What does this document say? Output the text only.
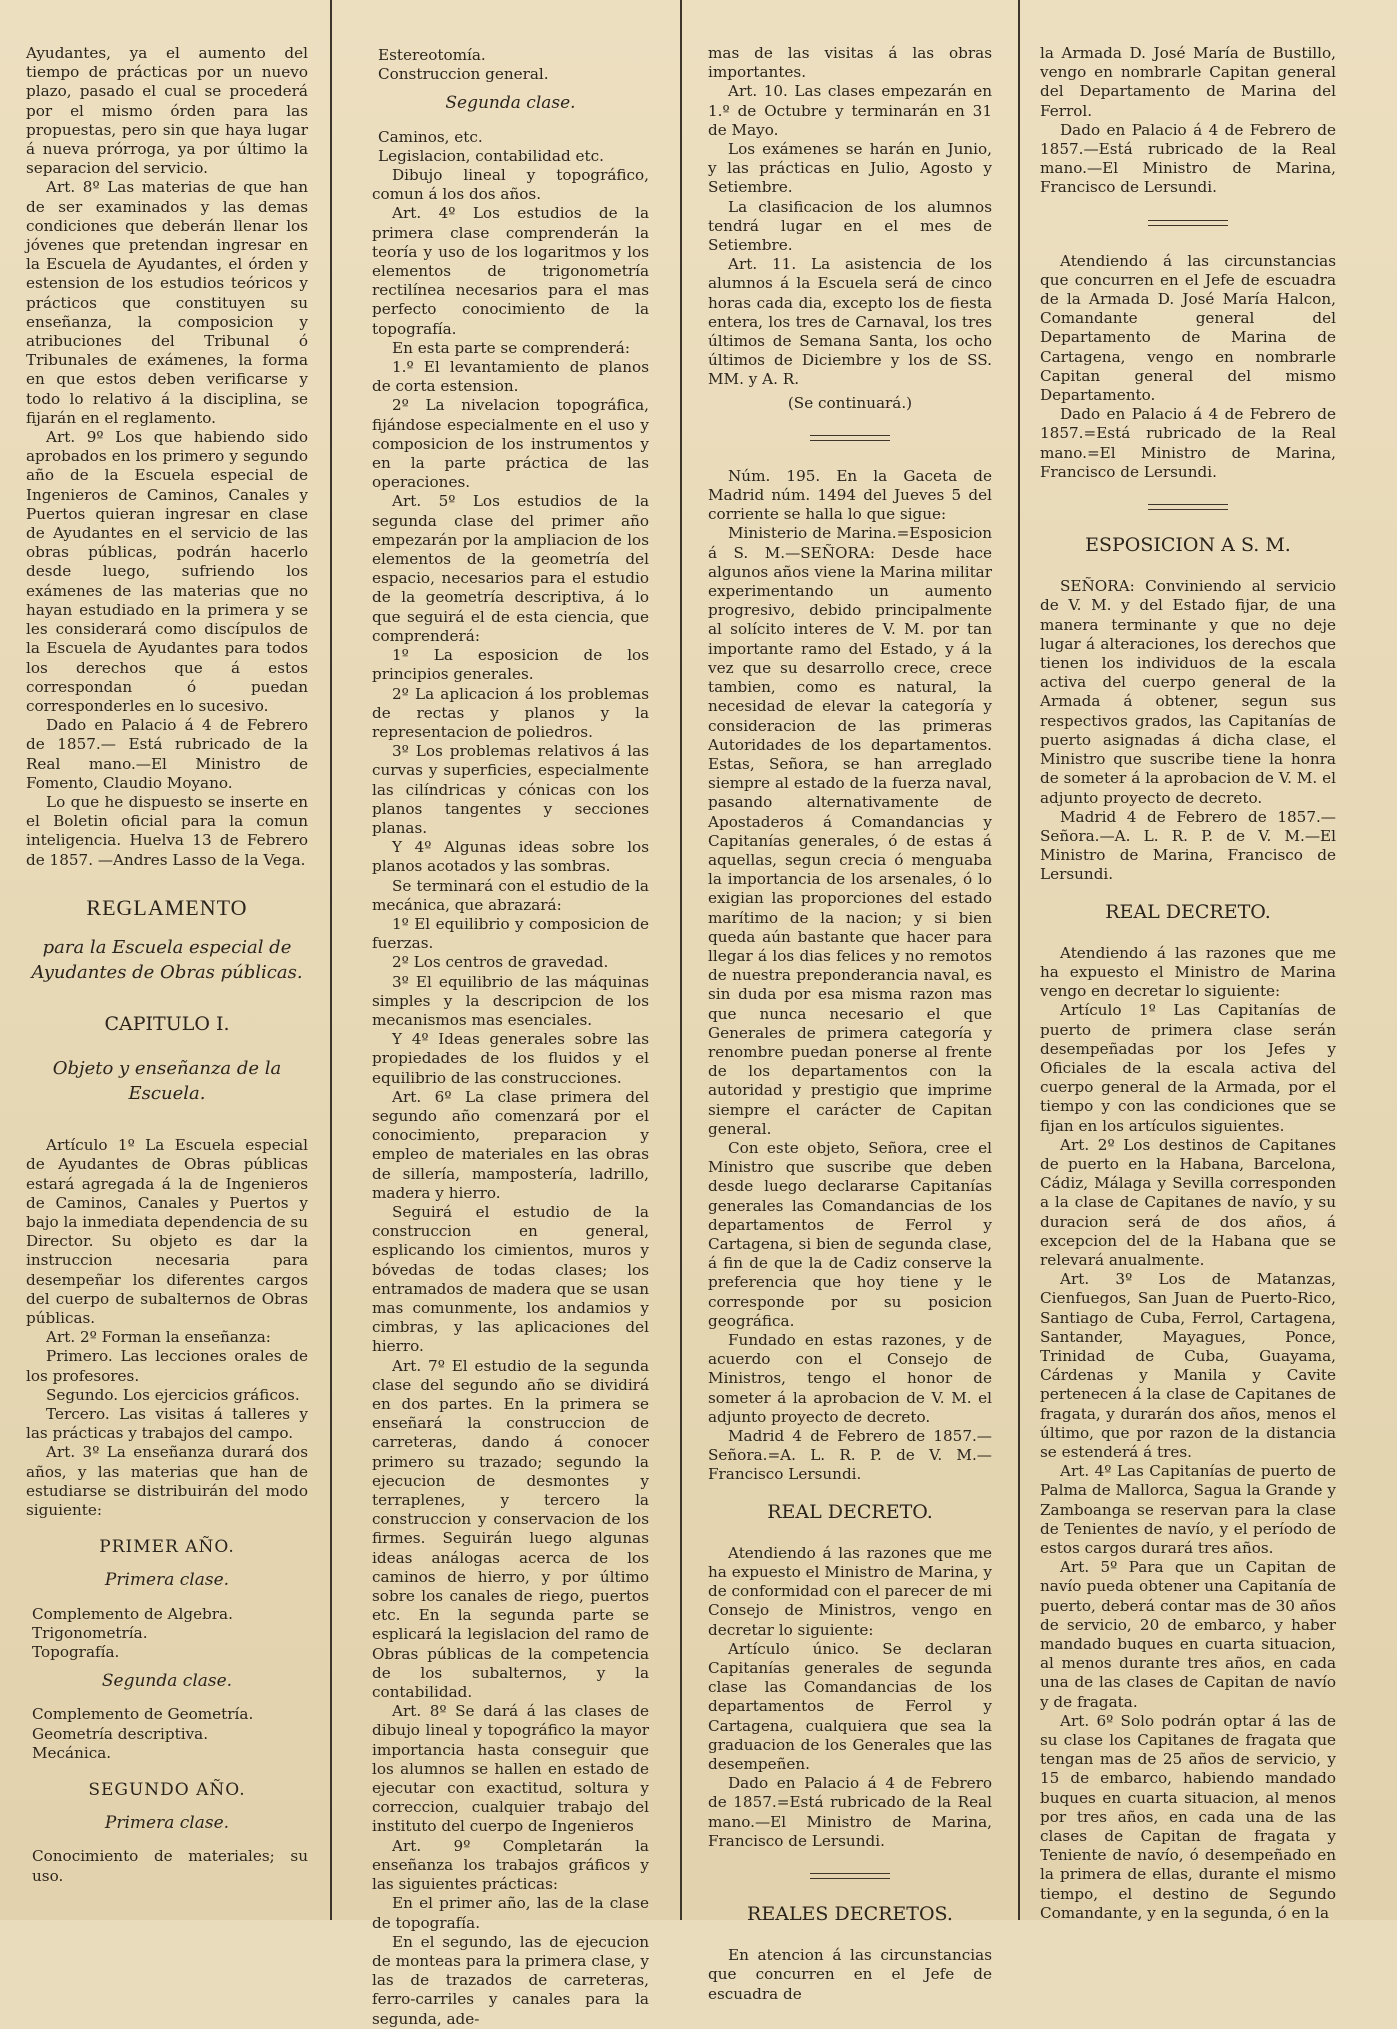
Ayudantes, ya el aumento del tiempo de prácticas por un nuevo plazo, pasado el cual se procederá por el mismo órden para las propuestas, pero sin que haya lugar á nueva prórroga, ya por último la separacion del servicio.

Art. 8º Las materias de que han de ser examinados y las demas condiciones que deberán llenar los jóvenes que pretendan ingresar en la Escuela de Ayudantes, el órden y estension de los estudios teóricos y prácticos que constituyen su enseñanza, la composicion y atribuciones del Tribunal ó Tribunales de exámenes, la forma en que estos deben verificarse y todo lo relativo á la disciplina, se fijarán en el reglamento.

Art. 9º Los que habiendo sido aprobados en los primero y segundo año de la Escuela especial de Ingenieros de Caminos, Canales y Puertos quieran ingresar en clase de Ayudantes en el servicio de las obras públicas, podrán hacerlo desde luego, sufriendo los exámenes de las materias que no hayan estudiado en la primera y se les considerará como discípulos de la Escuela de Ayudantes para todos los derechos que á estos correspondan ó puedan corresponderles en lo sucesivo.

Dado en Palacio á 4 de Febrero de 1857.— Está rubricado de la Real mano.—El Ministro de Fomento, Claudio Moyano.

Lo que he dispuesto se inserte en el Boletin oficial para la comun inteligencia. Huelva 13 de Febrero de 1857. —Andres Lasso de la Vega.

REGLAMENTO
para la Escuela especial de Ayudantes de Obras públicas.
CAPITULO I.
Objeto y enseñanza de la Escuela.

Artículo 1º La Escuela especial de Ayudantes de Obras públicas estará agregada á la de Ingenieros de Caminos, Canales y Puertos y bajo la inmediata dependencia de su Director. Su objeto es dar la instruccion necesaria para desempeñar los diferentes cargos del cuerpo de subalternos de Obras públicas.

Art. 2º Forman la enseñanza:

Primero. Las lecciones orales de los profesores.

Segundo. Los ejercicios gráficos.

Tercero. Las visitas á talleres y las prácticas y trabajos del campo.

Art. 3º La enseñanza durará dos años, y las materias que han de estudiarse se distribuirán del modo siguiente:

PRIMER AÑO.
Primera clase.

Complemento de Algebra.

Trigonometría.

Topografía.

Segunda clase.

Complemento de Geometría.

Geometría descriptiva.

Mecánica.

SEGUNDO AÑO.
Primera clase.

Conocimiento de materiales; su uso.

Estereotomía.

Construccion general.

Segunda clase.

Caminos, etc.

Legislacion, contabilidad etc.

Dibujo lineal y topográfico, comun á los dos años.

Art. 4º Los estudios de la primera clase comprenderán la teoría y uso de los logaritmos y los elementos de trigonometría rectilínea necesarios para el mas perfecto conocimiento de la topografía.

En esta parte se comprenderá:

1.º El levantamiento de planos de corta estension.

2º La nivelacion topográfica, fijándose especialmente en el uso y composicion de los instrumentos y en la parte práctica de las operaciones.

Art. 5º Los estudios de la segunda clase del primer año empezarán por la ampliacion de los elementos de la geometría del espacio, necesarios para el estudio de la geometría descriptiva, á lo que seguirá el de esta ciencia, que comprenderá:

1º La esposicion de los principios generales.

2º La aplicacion á los problemas de rectas y planos y la representacion de poliedros.

3º Los problemas relativos á las curvas y superficies, especialmente las cilíndricas y cónicas con los planos tangentes y secciones planas.

Y 4º Algunas ideas sobre los planos acotados y las sombras.

Se terminará con el estudio de la mecánica, que abrazará:

1º El equilibrio y composicion de fuerzas.

2º Los centros de gravedad.

3º El equilibrio de las máquinas simples y la descripcion de los mecanismos mas esenciales.

Y 4º Ideas generales sobre las propiedades de los fluidos y el equilibrio de las construcciones.

Art. 6º La clase primera del segundo año comenzará por el conocimiento, preparacion y empleo de materiales en las obras de sillería, mampostería, ladrillo, madera y hierro.

Seguirá el estudio de la construccion en general, esplicando los cimientos, muros y bóvedas de todas clases; los entramados de madera que se usan mas comunmente, los andamios y cimbras, y las aplicaciones del hierro.

Art. 7º El estudio de la segunda clase del segundo año se dividirá en dos partes. En la primera se enseñará la construccion de carreteras, dando á conocer primero su trazado; segundo la ejecucion de desmontes y terraplenes, y tercero la construccion y conservacion de los firmes. Seguirán luego algunas ideas análogas acerca de los caminos de hierro, y por último sobre los canales de riego, puertos etc. En la segunda parte se esplicará la legislacion del ramo de Obras públicas de la competencia de los subalternos, y la contabilidad.

Art. 8º Se dará á las clases de dibujo lineal y topográfico la mayor importancia hasta conseguir que los alumnos se hallen en estado de ejecutar con exactitud, soltura y correccion, cualquier trabajo del instituto del cuerpo de Ingenieros

Art. 9º Completarán la enseñanza los trabajos gráficos y las siguientes prácticas:

En el primer año, las de la clase de topografía.

En el segundo, las de ejecucion de monteas para la primera clase, y las de trazados de carreteras, ferro-carriles y canales para la segunda, ade-

mas de las visitas á las obras importantes.

Art. 10. Las clases empezarán en 1.º de Octubre y terminarán en 31 de Mayo.

Los exámenes se harán en Junio, y las prácticas en Julio, Agosto y Setiembre.

La clasificacion de los alumnos tendrá lugar en el mes de Setiembre.

Art. 11. La asistencia de los alumnos á la Escuela será de cinco horas cada dia, excepto los de fiesta entera, los tres de Carnaval, los tres últimos de Semana Santa, los ocho últimos de Diciembre y los de SS. MM. y A. R.

(Se continuará.)

Núm. 195. En la Gaceta de Madrid núm. 1494 del Jueves 5 del corriente se halla lo que sigue:

Ministerio de Marina.=Esposicion á S. M.—SEÑORA: Desde hace algunos años viene la Marina militar experimentando un aumento progresivo, debido principalmente al solícito interes de V. M. por tan importante ramo del Estado, y á la vez que su desarrollo crece, crece tambien, como es natural, la necesidad de elevar la categoría y consideracion de las primeras Autoridades de los departamentos. Estas, Señora, se han arreglado siempre al estado de la fuerza naval, pasando alternativamente de Apostaderos á Comandancias y Capitanías generales, ó de estas á aquellas, segun crecia ó menguaba la importancia de los arsenales, ó lo exigian las proporciones del estado marítimo de la nacion; y si bien queda aún bastante que hacer para llegar á los dias felices y no remotos de nuestra preponderancia naval, es sin duda por esa misma razon mas que nunca necesario el que Generales de primera categoría y renombre puedan ponerse al frente de los departamentos con la autoridad y prestigio que imprime siempre el carácter de Capitan general.

Con este objeto, Señora, cree el Ministro que suscribe que deben desde luego declararse Capitanías generales las Comandancias de los departamentos de Ferrol y Cartagena, si bien de segunda clase, á fin de que la de Cadiz conserve la preferencia que hoy tiene y le corresponde por su posicion geográfica.

Fundado en estas razones, y de acuerdo con el Consejo de Ministros, tengo el honor de someter á la aprobacion de V. M. el adjunto proyecto de decreto.

Madrid 4 de Febrero de 1857.— Señora.=A. L. R. P. de V. M.—Francisco Lersundi.

REAL DECRETO.

Atendiendo á las razones que me ha expuesto el Ministro de Marina, y de conformidad con el parecer de mi Consejo de Ministros, vengo en decretar lo siguiente:

Artículo único. Se declaran Capitanías generales de segunda clase las Comandancias de los departamentos de Ferrol y Cartagena, cualquiera que sea la graduacion de los Generales que las desempeñen.

Dado en Palacio á 4 de Febrero de 1857.=Está rubricado de la Real mano.—El Ministro de Marina, Francisco de Lersundi.

REALES DECRETOS.

En atencion á las circunstancias que concurren en el Jefe de escuadra de

la Armada D. José María de Bustillo, vengo en nombrarle Capitan general del Departamento de Marina del Ferrol.

Dado en Palacio á 4 de Febrero de 1857.—Está rubricado de la Real mano.—El Ministro de Marina, Francisco de Lersundi.

Atendiendo á las circunstancias que concurren en el Jefe de escuadra de la Armada D. José María Halcon, Comandante general del Departamento de Marina de Cartagena, vengo en nombrarle Capitan general del mismo Departamento.

Dado en Palacio á 4 de Febrero de 1857.=Está rubricado de la Real mano.=El Ministro de Marina, Francisco de Lersundi.

ESPOSICION A S. M.

SEÑORA: Conviniendo al servicio de V. M. y del Estado fijar, de una manera terminante y que no deje lugar á alteraciones, los derechos que tienen los individuos de la escala activa del cuerpo general de la Armada á obtener, segun sus respectivos grados, las Capitanías de puerto asignadas á dicha clase, el Ministro que suscribe tiene la honra de someter á la aprobacion de V. M. el adjunto proyecto de decreto.

Madrid 4 de Febrero de 1857.— Señora.—A. L. R. P. de V. M.—El Ministro de Marina, Francisco de Lersundi.

REAL DECRETO.

Atendiendo á las razones que me ha expuesto el Ministro de Marina vengo en decretar lo siguiente:

Artículo 1º Las Capitanías de puerto de primera clase serán desempeñadas por los Jefes y Oficiales de la escala activa del cuerpo general de la Armada, por el tiempo y con las condiciones que se fijan en los artículos siguientes.

Art. 2º Los destinos de Capitanes de puerto en la Habana, Barcelona, Cádiz, Málaga y Sevilla corresponden a la clase de Capitanes de navío, y su duracion será de dos años, á excepcion del de la Habana que se relevará anualmente.

Art. 3º Los de Matanzas, Cienfuegos, San Juan de Puerto-Rico, Santiago de Cuba, Ferrol, Cartagena, Santander, Mayagues, Ponce, Trinidad de Cuba, Guayama, Cárdenas y Manila y Cavite pertenecen á la clase de Capitanes de fragata, y durarán dos años, menos el último, que por razon de la distancia se estenderá á tres.

Art. 4º Las Capitanías de puerto de Palma de Mallorca, Sagua la Grande y Zamboanga se reservan para la clase de Tenientes de navío, y el período de estos cargos durará tres años.

Art. 5º Para que un Capitan de navío pueda obtener una Capitanía de puerto, deberá contar mas de 30 años de servicio, 20 de embarco, y haber mandado buques en cuarta situacion, al menos durante tres años, en cada una de las clases de Capitan de navío y de fragata.

Art. 6º Solo podrán optar á las de su clase los Capitanes de fragata que tengan mas de 25 años de servicio, y 15 de embarco, habiendo mandado buques en cuarta situacion, al menos por tres años, en cada una de las clases de Capitan de fragata y Teniente de navío, ó desempeñado en la primera de ellas, durante el mismo tiempo, el destino de Segundo Comandante, y en la segunda, ó en la
